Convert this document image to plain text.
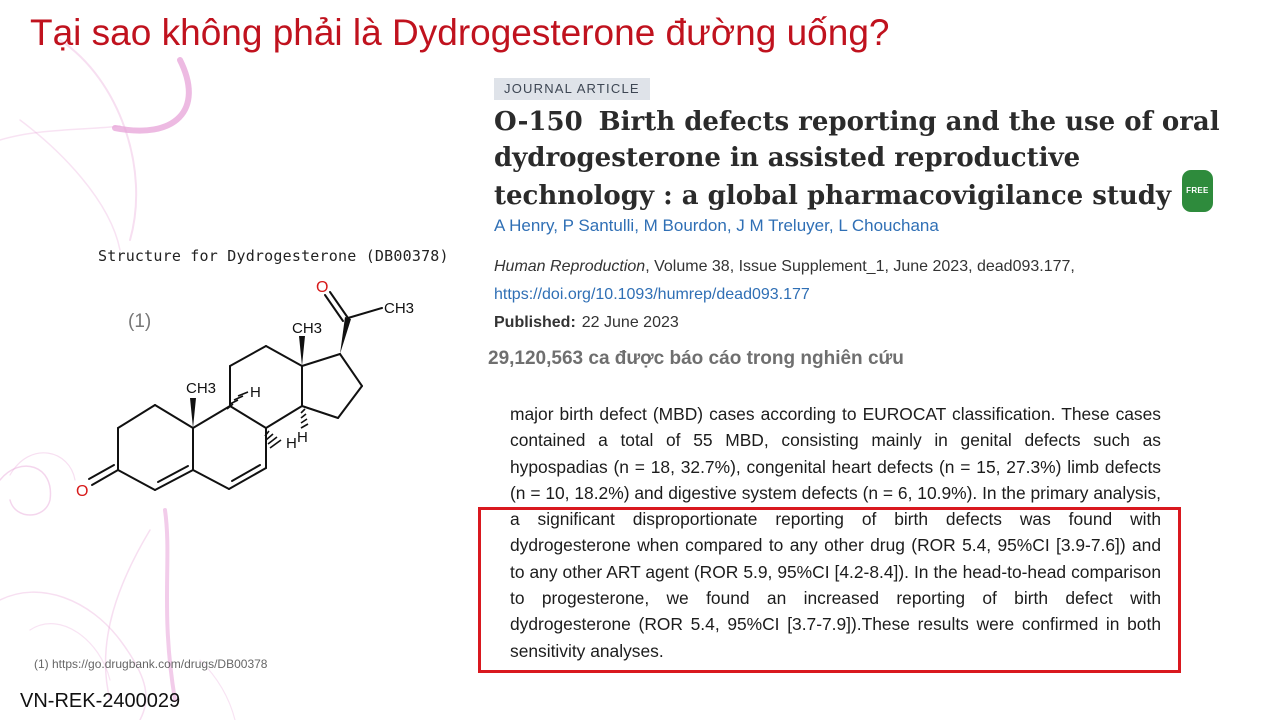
Tại sao không phải là Dydrogesterone đường uống?
Structure for Dydrogesterone (DB00378)
(1)
O
CH3
CH3
CH3 H
H H
O
(1) https://go.drugbank.com/drugs/DB00378
VN-REK-2400029
JOURNAL ARTICLE
O-150 Birth defects reporting and the use of oral dydrogesterone in assisted reproductive technology : a global pharmacovigilance study FREE
A Henry, P Santulli, M Bourdon, J M Treluyer, L Chouchana
Human Reproduction, Volume 38, Issue Supplement_1, June 2023, dead093.177,
https://doi.org/10.1093/humrep/dead093.177
Published: 22 June 2023
29,120,563 ca được báo cáo trong nghiên cứu

major birth defect (MBD) cases according to EUROCAT classification. These cases contained a total of 55 MBD, consisting mainly in genital defects such as hypospadias (n = 18, 32.7%), congenital heart defects (n = 15, 27.3%) limb defects (n = 10, 18.2%) and digestive system defects (n = 6, 10.9%). In the primary analysis, a significant disproportionate reporting of birth defects was found with dydrogesterone when compared to any other drug (ROR 5.4, 95%CI [3.9-7.6]) and to any other ART agent (ROR 5.9, 95%CI [4.2-8.4]). In the head-to-head comparison to progesterone, we found an increased reporting of birth defect with dydrogesterone (ROR 5.4, 95%CI [3.7-7.9]).These results were confirmed in both sensitivity analyses.
